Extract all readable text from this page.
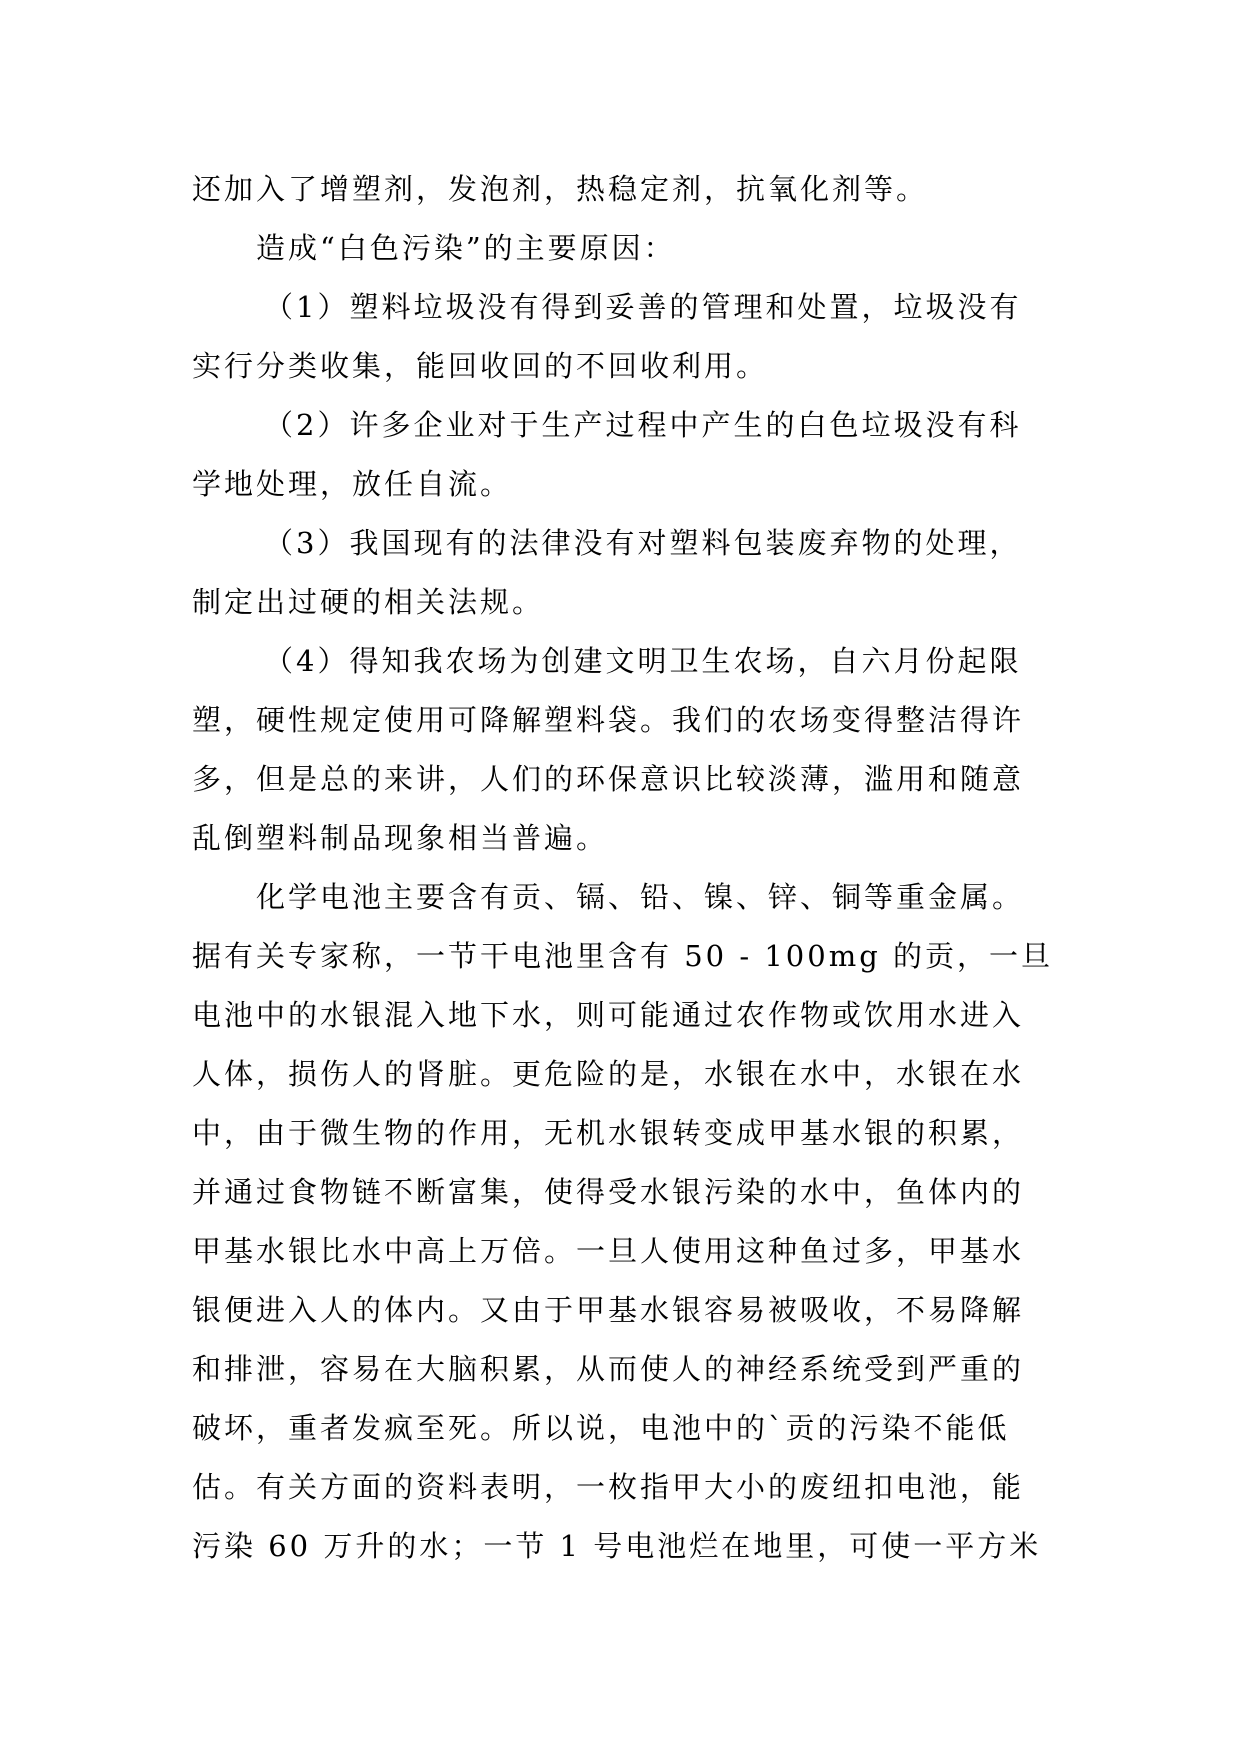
还加入了增塑剂，发泡剂，热稳定剂，抗氧化剂等。
造成“白色污染”的主要原因：
（1）塑料垃圾没有得到妥善的管理和处置，垃圾没有
实行分类收集，能回收回的不回收利用。
（2）许多企业对于生产过程中产生的白色垃圾没有科
学地处理，放任自流。
（3）我国现有的法律没有对塑料包装废弃物的处理，
制定出过硬的相关法规。
（4）得知我农场为创建文明卫生农场，自六月份起限
塑，硬性规定使用可降解塑料袋。我们的农场变得整洁得许
多，但是总的来讲，人们的环保意识比较淡薄，滥用和随意
乱倒塑料制品现象相当普遍。
化学电池主要含有贡、镉、铅、镍、锌、铜等重金属。
据有关专家称，一节干电池里含有 50 - 100mg 的贡，一旦
电池中的水银混入地下水，则可能通过农作物或饮用水进入
人体，损伤人的肾脏。更危险的是，水银在水中，水银在水
中，由于微生物的作用，无机水银转变成甲基水银的积累，
并通过食物链不断富集，使得受水银污染的水中，鱼体内的
甲基水银比水中高上万倍。一旦人使用这种鱼过多，甲基水
银便进入人的体内。又由于甲基水银容易被吸收，不易降解
和排泄，容易在大脑积累，从而使人的神经系统受到严重的
破坏，重者发疯至死。所以说，电池中的`贡的污染不能低
估。有关方面的资料表明，一枚指甲大小的废纽扣电池，能
污染 60 万升的水；一节 1 号电池烂在地里，可使一平方米
